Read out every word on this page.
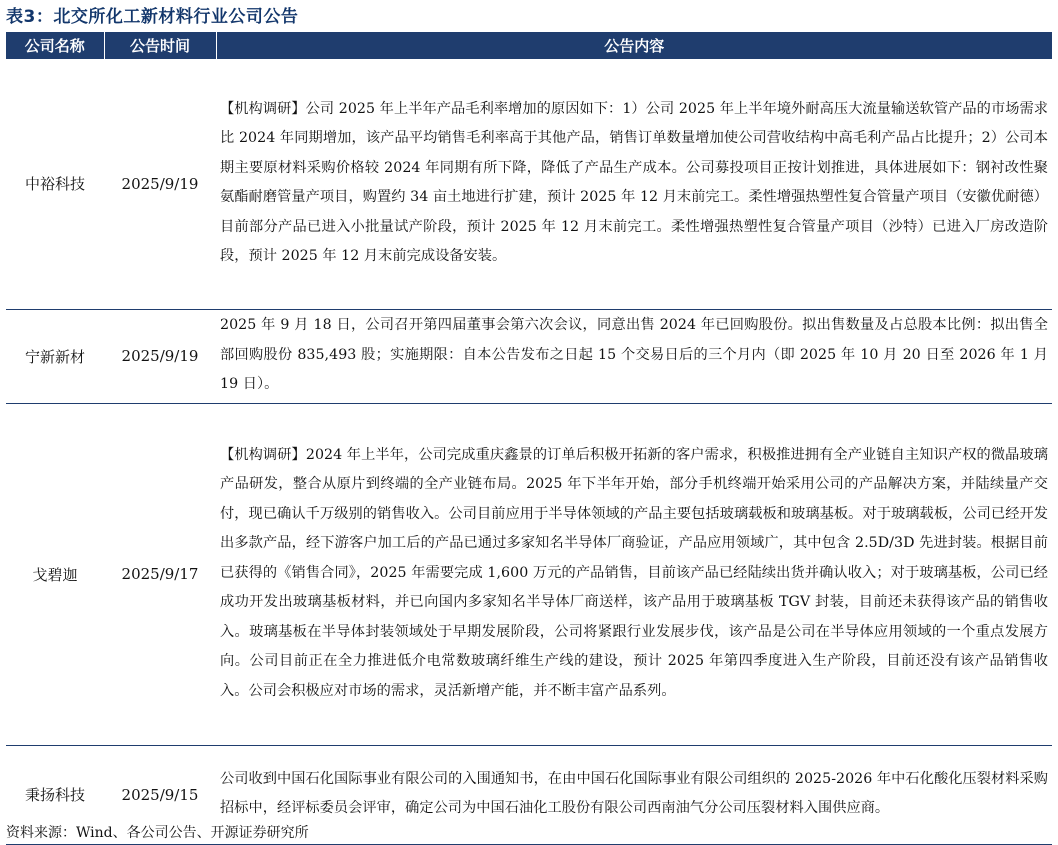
表3：北交所化工新材料行业公司公告
公司名称	公告时间	公告内容
中裕科技	2025/9/19	【机构调研】公司 2025 年上半年产品毛利率增加的原因如下：1）公司 2025 年上半年境外耐高压大流量输送软管产品的市场需求比 2024 年同期增加，该产品平均销售毛利率高于其他产品，销售订单数量增加使公司营收结构中高毛利产品占比提升；2）公司本期主要原材料采购价格较 2024 年同期有所下降，降低了产品生产成本。公司募投项目正按计划推进，具体进展如下：钢衬改性聚氨酯耐磨管量产项目，购置约 34 亩土地进行扩建，预计 2025 年 12 月末前完工。柔性增强热塑性复合管量产项目（安徽优耐德）目前部分产品已进入小批量试产阶段，预计 2025 年 12 月末前完工。柔性增强热塑性复合管量产项目（沙特）已进入厂房改造阶段，预计 2025 年 12 月末前完成设备安装。
宁新新材	2025/9/19	2025 年 9 月 18 日，公司召开第四届董事会第六次会议，同意出售 2024 年已回购股份。拟出售数量及占总股本比例：拟出售全部回购股份 835,493 股；实施期限：自本公告发布之日起 15 个交易日后的三个月内（即 2025 年 10 月 20 日至 2026 年 1 月 19 日）。
戈碧迦	2025/9/17	【机构调研】2024 年上半年，公司完成重庆鑫景的订单后积极开拓新的客户需求，积极推进拥有全产业链自主知识产权的微晶玻璃产品研发，整合从原片到终端的全产业链布局。2025 年下半年开始，部分手机终端开始采用公司的产品解决方案，并陆续量产交付，现已确认千万级别的销售收入。公司目前应用于半导体领域的产品主要包括玻璃载板和玻璃基板。对于玻璃载板，公司已经开发出多款产品，经下游客户加工后的产品已通过多家知名半导体厂商验证，产品应用领域广，其中包含 2.5D/3D 先进封装。根据目前已获得的《销售合同》，2025 年需要完成 1,600 万元的产品销售，目前该产品已经陆续出货并确认收入；对于玻璃基板，公司已经成功开发出玻璃基板材料，并已向国内多家知名半导体厂商送样，该产品用于玻璃基板 TGV 封装，目前还未获得该产品的销售收入。玻璃基板在半导体封装领域处于早期发展阶段，公司将紧跟行业发展步伐，该产品是公司在半导体应用领域的一个重点发展方向。公司目前正在全力推进低介电常数玻璃纤维生产线的建设，预计 2025 年第四季度进入生产阶段，目前还没有该产品销售收入。公司会积极应对市场的需求，灵活新增产能，并不断丰富产品系列。
秉扬科技	2025/9/15	公司收到中国石化国际事业有限公司的入围通知书，在由中国石化国际事业有限公司组织的 2025-2026 年中石化酸化压裂材料采购招标中，经评标委员会评审，确定公司为中国石油化工股份有限公司西南油气分公司压裂材料入围供应商。
资料来源：Wind、各公司公告、开源证券研究所
